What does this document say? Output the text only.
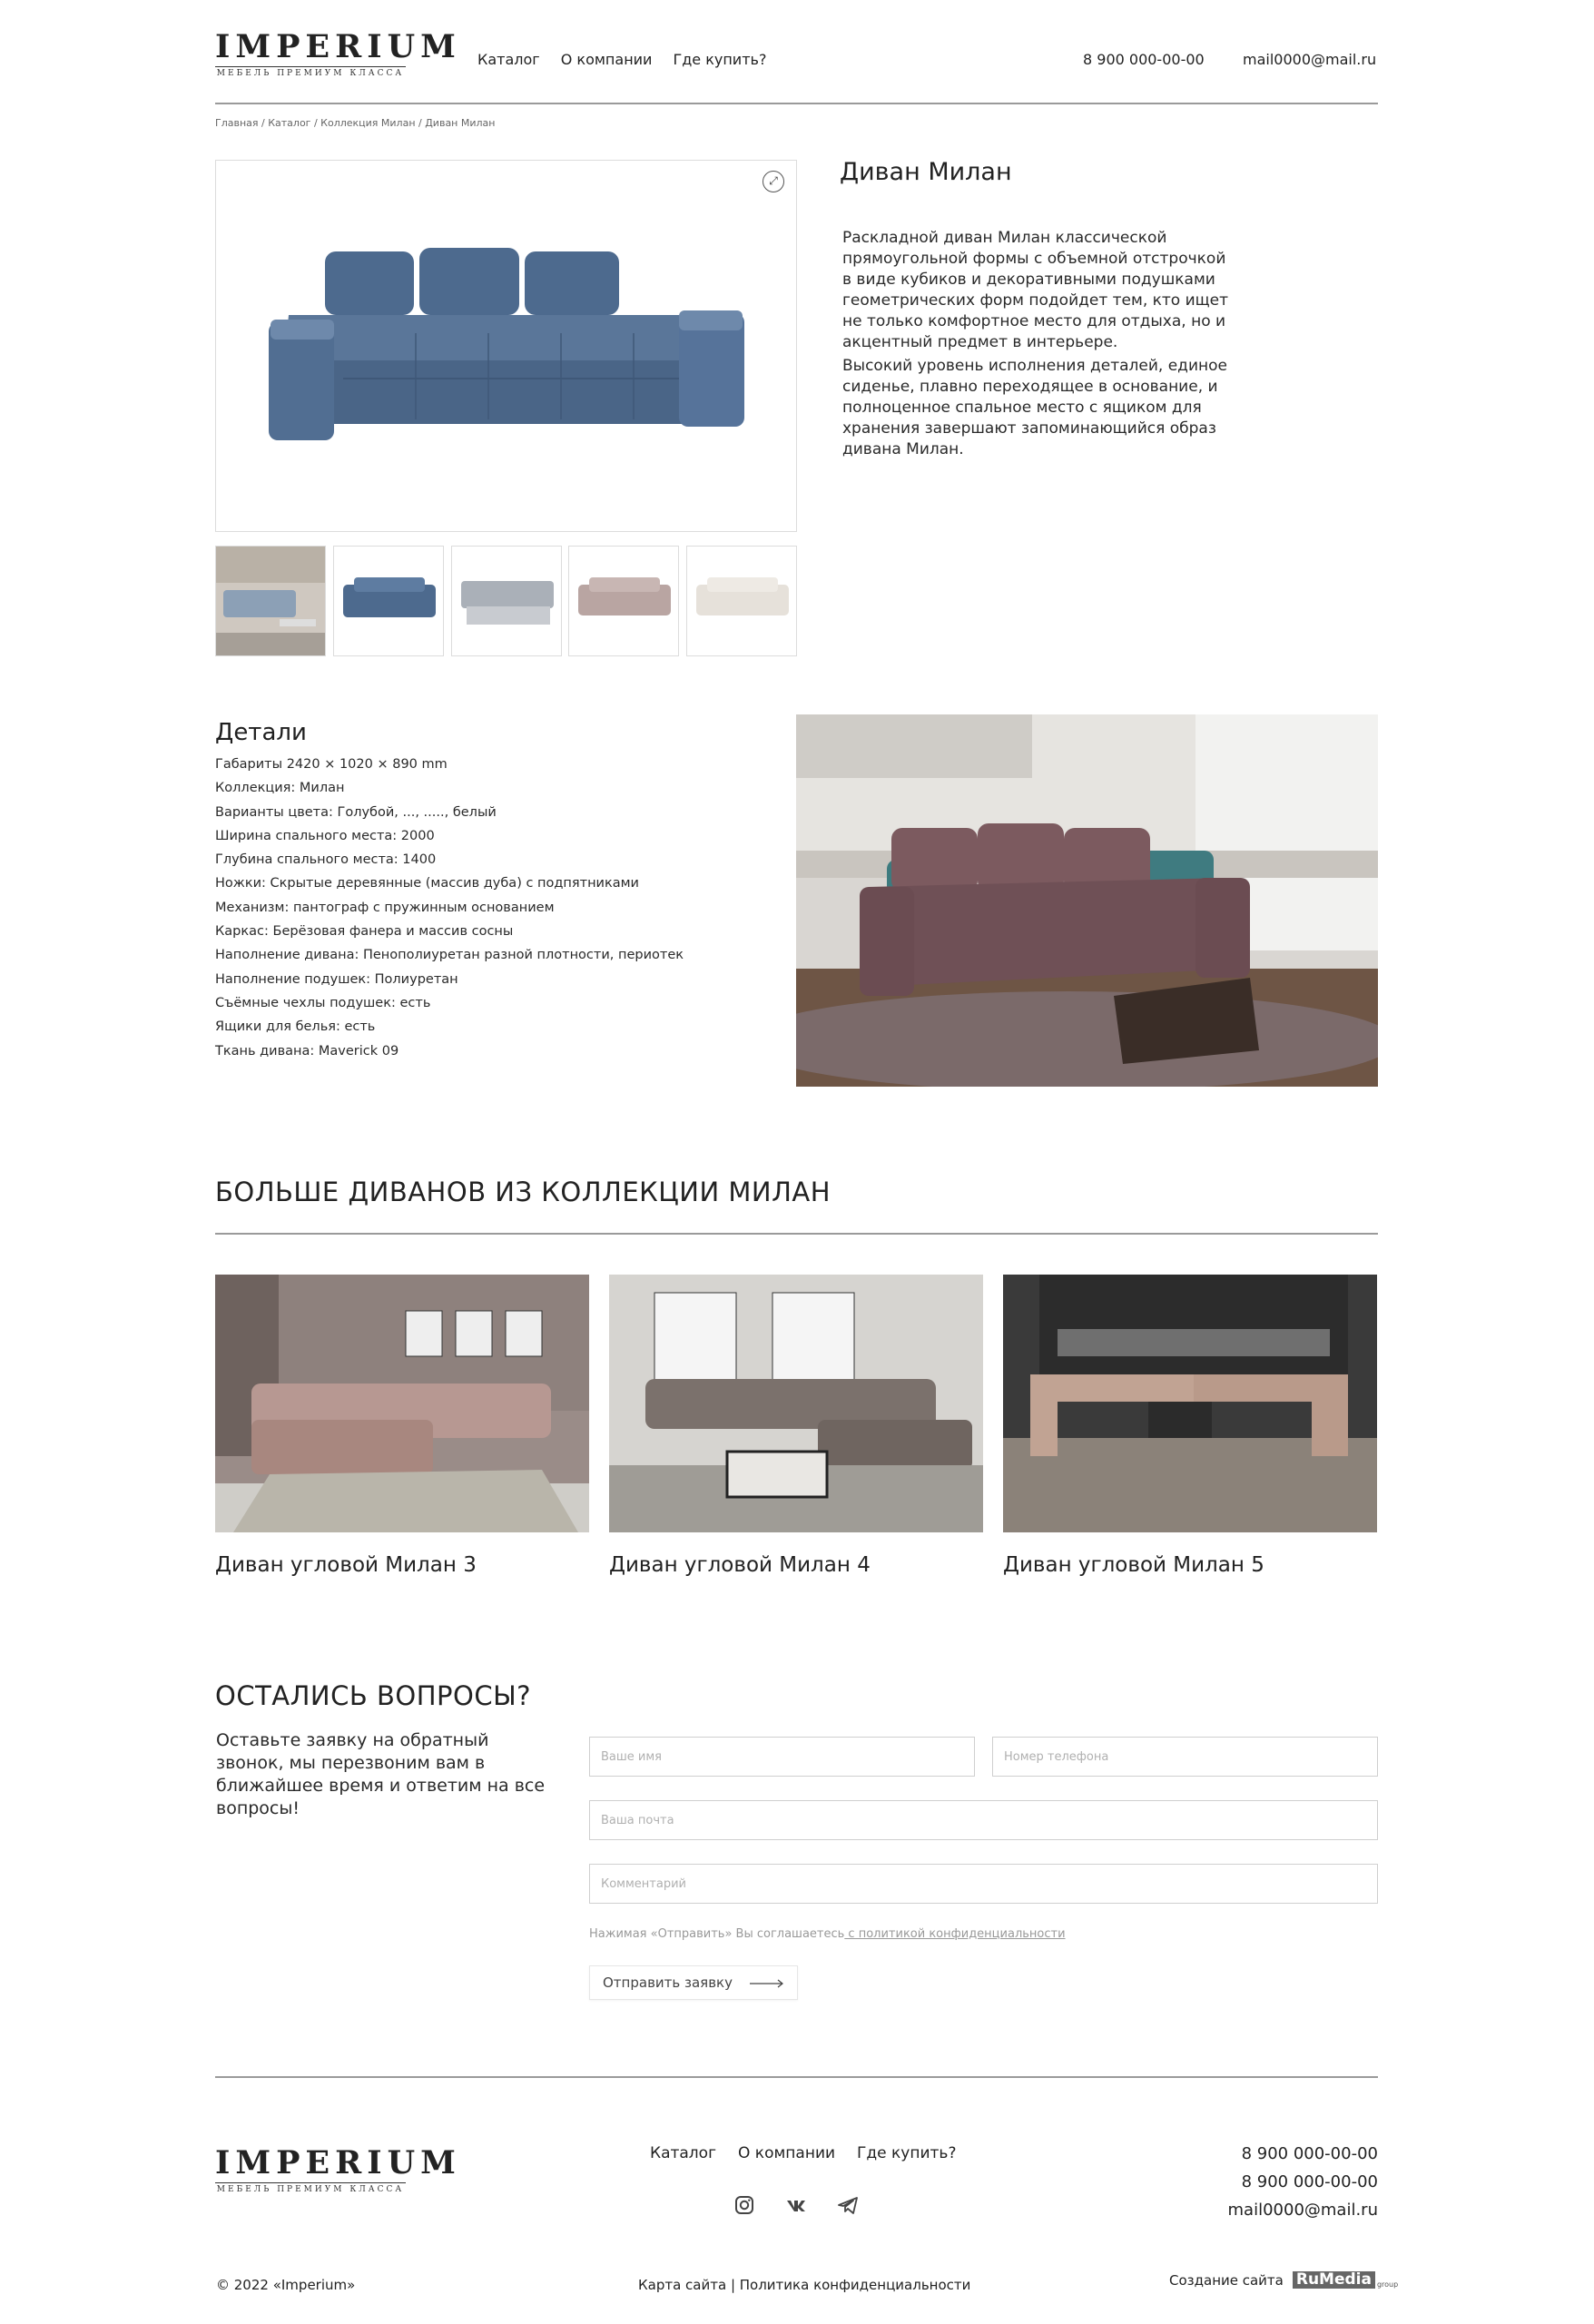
IMPERIUM
МЕБЕЛЬ ПРЕМИУМ КЛАССА
Каталог О компании Где купить?	8 900 000-00-00	mail0000@mail.ru
Главная / Каталог / Коллекция Милан / Диван Милан
⤢	Диван Милан

Раскладной диван Милан классической прямоугольной формы с объемной отстрочкой в виде кубиков и декоративными подушками геометрических форм подойдет тем, кто ищет не только комфортное место для отдыха, но и акцентный предмет в интерьере.

Высокий уровень исполнения деталей, единое сиденье, плавно переходящее в основание, и полноценное спальное место с ящиком для хранения завершают запоминающийся образ дивана Милан.

Детали
Габариты 2420 × 1020 × 890 mm
Коллекция: Милан
Варианты цвета: Голубой, ..., ....., белый
Ширина спального места: 2000
Глубина спального места: 1400
Ножки: Скрытые деревянные (массив дуба) с подпятниками
Механизм: пантограф с пружинным основанием
Каркас: Берёзовая фанера и массив сосны
Наполнение дивана: Пенополиуретан разной плотности, периотек
Наполнение подушек: Полиуретан
Съёмные чехлы подушек: есть
Ящики для белья: есть
Ткань дивана: Maverick 09
БОЛЬШЕ ДИВАНОВ ИЗ КОЛЛЕКЦИИ МИЛАН
Диван угловой Милан 3	Диван угловой Милан 4	Диван угловой Милан 5
ОСТАЛИСЬ ВОПРОСЫ?
Оставьте заявку на обратный звонок, мы перезвоним вам в ближайшее время и ответим на все вопросы!
Ваше имя
Номер телефона
Ваша почта
Комментарий
Нажимая «Отправить» Вы соглашаетесь с политикой конфиденциальности
Отправить заявку
IMPERIUM
МЕБЕЛЬ ПРЕМИУМ КЛАССА
Каталог О компании Где купить?	8 900 000-00-00
8 900 000-00-00
mail0000@mail.ru
© 2022 «Imperium»	Карта сайта | Политика конфиденциальности	Создание сайта RuMedia group
